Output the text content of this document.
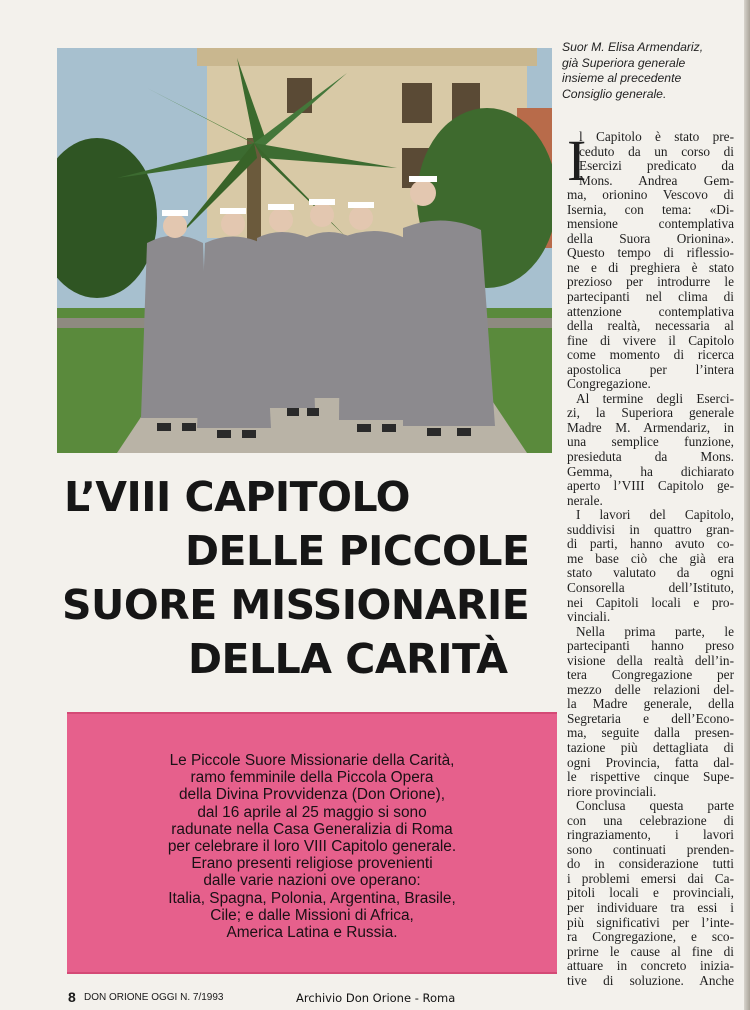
Suor M. Elisa Armendariz,
già Superiora generale
insieme al precedente
Consiglio generale.
I
l Capitolo è stato pre-
ceduto da un corso di
Esercizi predicato da
Mons. Andrea Gem-
ma, orionino Vescovo di
Isernia, con tema: «Di-
mensione contemplativa
della Suora Orionina».
Questo tempo di riflessio-
ne e di preghiera è stato
prezioso per introdurre le
partecipanti nel clima di
attenzione contemplativa
della realtà, necessaria al
fine di vivere il Capitolo
come momento di ricerca
apostolica per l’intera
Congregazione.
Al termine degli Eserci-
zi, la Superiora generale
Madre M. Armendariz, in
una semplice funzione,
presieduta da Mons.
Gemma, ha dichiarato
aperto l’VIII Capitolo ge-
nerale.
I lavori del Capitolo,
suddivisi in quattro gran-
di parti, hanno avuto co-
me base ciò che già era
stato valutato da ogni
Consorella dell’Istituto,
nei Capitoli locali e pro-
vinciali.
Nella prima parte, le
partecipanti hanno preso
visione della realtà dell’in-
tera Congregazione per
mezzo delle relazioni del-
la Madre generale, della
Segretaria e dell’Econo-
ma, seguite dalla presen-
tazione più dettagliata di
ogni Provincia, fatta dal-
le rispettive cinque Supe-
riore provinciali.
Conclusa questa parte
con una celebrazione di
ringraziamento, i lavori
sono continuati prenden-
do in considerazione tutti
i problemi emersi dai Ca-
pitoli locali e provinciali,
per individuare tra essi i
più significativi per l’inte-
ra Congregazione, e sco-
prirne le cause al fine di
attuare in concreto inizia-
tive di soluzione. Anche
L’VIII CAPITOLO
DELLE PICCOLE
SUORE MISSIONARIE
DELLA CARITÀ
Le Piccole Suore Missionarie della Carità,
ramo femminile della Piccola Opera
della Divina Provvidenza (Don Orione),
dal 16 aprile al 25 maggio si sono
radunate nella Casa Generalizia di Roma
per celebrare il loro VIII Capitolo generale.
Erano presenti religiose provenienti
dalle varie nazioni ove operano:
Italia, Spagna, Polonia, Argentina, Brasile,
Cile; e dalle Missioni di Africa,
America Latina e Russia.
8 DON ORIONE OGGI N. 7/1993	Archivio Don Orione - Roma
